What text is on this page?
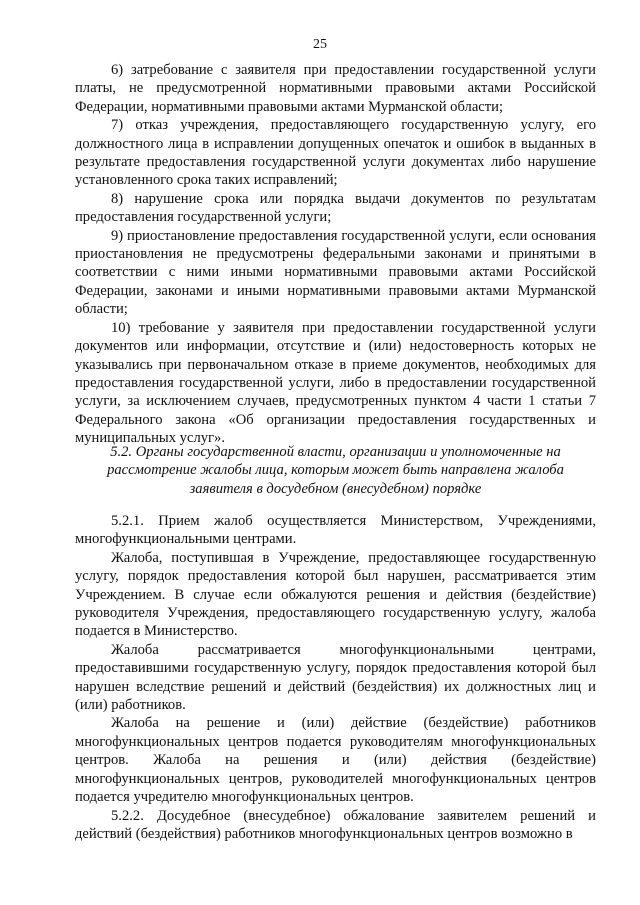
25

6) затребование с заявителя при предоставлении государственной услуги платы, не предусмотренной нормативными правовыми актами Российской Федерации, нормативными правовыми актами Мурманской области;

7) отказ учреждения, предоставляющего государственную услугу, его должностного лица в исправлении допущенных опечаток и ошибок в выданных в результате предоставления государственной услуги документах либо нарушение установленного срока таких исправлений;

8) нарушение срока или порядка выдачи документов по результатам предоставления государственной услуги;

9) приостановление предоставления государственной услуги, если основания приостановления не предусмотрены федеральными законами и принятыми в соответствии с ними иными нормативными правовыми актами Российской Федерации, законами и иными нормативными правовыми актами Мурманской области;

10) требование у заявителя при предоставлении государственной услуги документов или информации, отсутствие и (или) недостоверность которых не указывались при первоначальном отказе в приеме документов, необходимых для предоставления государственной услуги, либо в предоставлении государственной услуги, за исключением случаев, предусмотренных пунктом 4 части 1 статьи 7 Федерального закона «Об организации предоставления государственных и муниципальных услуг».

5.2. Органы государственной власти, организации и уполномоченные на
рассмотрение жалобы лица, которым может быть направлена жалоба
заявителя в досудебном (внесудебном) порядке

5.2.1. Прием жалоб осуществляется Министерством, Учреждениями, многофункциональными центрами.

Жалоба, поступившая в Учреждение, предоставляющее государственную услугу, порядок предоставления которой был нарушен, рассматривается этим Учреждением. В случае если обжалуются решения и действия (бездействие) руководителя Учреждения, предоставляющего государственную услугу, жалоба подается в Министерство.

Жалоба рассматривается многофункциональными центрами, предоставившими государственную услугу, порядок предоставления которой был нарушен вследствие решений и действий (бездействия) их должностных лиц и (или) работников.

Жалоба на решение и (или) действие (бездействие) работников многофункциональных центров подается руководителям многофункциональных центров. Жалоба на решения и (или) действия (бездействие) многофункциональных центров, руководителей многофункциональных центров подается учредителю многофункциональных центров.

5.2.2. Досудебное (внесудебное) обжалование заявителем решений и действий (бездействия) работников многофункциональных центров возможно в
